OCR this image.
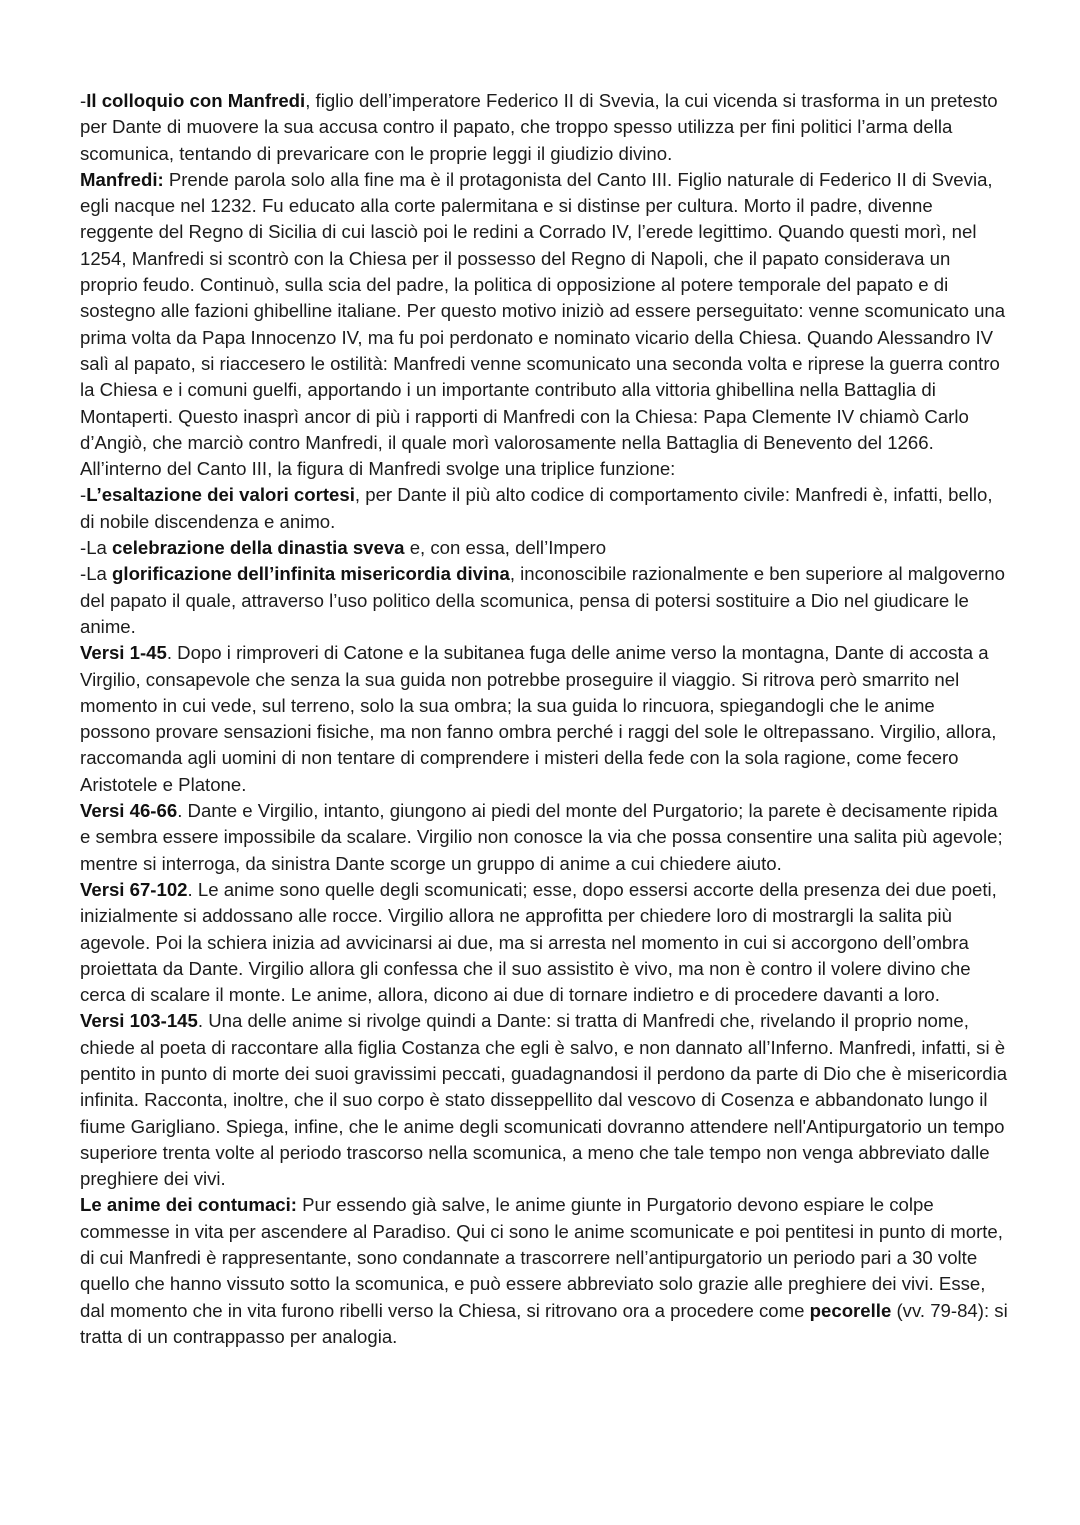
-Il colloquio con Manfredi, figlio dell’imperatore Federico II di Svevia, la cui vicenda si trasforma in un pretesto per Dante di muovere la sua accusa contro il papato, che troppo spesso utilizza per fini politici l’arma della scomunica, tentando di prevaricare con le proprie leggi il giudizio divino.

Manfredi: Prende parola solo alla fine ma è il protagonista del Canto III. Figlio naturale di Federico II di Svevia, egli nacque nel 1232. Fu educato alla corte palermitana e si distinse per cultura. Morto il padre, divenne reggente del Regno di Sicilia di cui lasciò poi le redini a Corrado IV, l’erede legittimo. Quando questi morì, nel 1254, Manfredi si scontrò con la Chiesa per il possesso del Regno di Napoli, che il papato considerava un proprio feudo. Continuò, sulla scia del padre, la politica di opposizione al potere temporale del papato e di sostegno alle fazioni ghibelline italiane. Per questo motivo iniziò ad essere perseguitato: venne scomunicato una prima volta da Papa Innocenzo IV, ma fu poi perdonato e nominato vicario della Chiesa. Quando Alessandro IV salì al papato, si riaccesero le ostilità: Manfredi venne scomunicato una seconda volta e riprese la guerra contro la Chiesa e i comuni guelfi, apportando i un importante contributo alla vittoria ghibellina nella Battaglia di Montaperti. Questo inasprì ancor di più i rapporti di Manfredi con la Chiesa: Papa Clemente IV chiamò Carlo d’Angiò, che marciò contro Manfredi, il quale morì valorosamente nella Battaglia di Benevento del 1266.

All’interno del Canto III, la figura di Manfredi svolge una triplice funzione:

-L’esaltazione dei valori cortesi, per Dante il più alto codice di comportamento civile: Manfredi è, infatti, bello, di nobile discendenza e animo.

-La celebrazione della dinastia sveva e, con essa, dell’Impero

-La glorificazione dell’infinita misericordia divina, inconoscibile razionalmente e ben superiore al malgoverno del papato il quale, attraverso l’uso politico della scomunica, pensa di potersi sostituire a Dio nel giudicare le anime.

Versi 1-45. Dopo i rimproveri di Catone e la subitanea fuga delle anime verso la montagna, Dante di accosta a Virgilio, consapevole che senza la sua guida non potrebbe proseguire il viaggio. Si ritrova però smarrito nel momento in cui vede, sul terreno, solo la sua ombra; la sua guida lo rincuora, spiegandogli che le anime possono provare sensazioni fisiche, ma non fanno ombra perché i raggi del sole le oltrepassano. Virgilio, allora, raccomanda agli uomini di non tentare di comprendere i misteri della fede con la sola ragione, come fecero Aristotele e Platone.

Versi 46-66. Dante e Virgilio, intanto, giungono ai piedi del monte del Purgatorio; la parete è decisamente ripida e sembra essere impossibile da scalare. Virgilio non conosce la via che possa consentire una salita più agevole; mentre si interroga, da sinistra Dante scorge un gruppo di anime a cui chiedere aiuto.

Versi 67-102. Le anime sono quelle degli scomunicati; esse, dopo essersi accorte della presenza dei due poeti, inizialmente si addossano alle rocce. Virgilio allora ne approfitta per chiedere loro di mostrargli la salita più agevole. Poi la schiera inizia ad avvicinarsi ai due, ma si arresta nel momento in cui si accorgono dell’ombra proiettata da Dante. Virgilio allora gli confessa che il suo assistito è vivo, ma non è contro il volere divino che cerca di scalare il monte. Le anime, allora, dicono ai due di tornare indietro e di procedere davanti a loro.

Versi 103-145. Una delle anime si rivolge quindi a Dante: si tratta di Manfredi che, rivelando il proprio nome, chiede al poeta di raccontare alla figlia Costanza che egli è salvo, e non dannato all’Inferno. Manfredi, infatti, si è pentito in punto di morte dei suoi gravissimi peccati, guadagnandosi il perdono da parte di Dio che è misericordia infinita. Racconta, inoltre, che il suo corpo è stato disseppellito dal vescovo di Cosenza e abbandonato lungo il fiume Garigliano. Spiega, infine, che le anime degli scomunicati dovranno attendere nell'Antipurgatorio un tempo superiore trenta volte al periodo trascorso nella scomunica, a meno che tale tempo non venga abbreviato dalle preghiere dei vivi.

Le anime dei contumaci: Pur essendo già salve, le anime giunte in Purgatorio devono espiare le colpe commesse in vita per ascendere al Paradiso. Qui ci sono le anime scomunicate e poi pentitesi in punto di morte, di cui Manfredi è rappresentante, sono condannate a trascorrere nell’antipurgatorio un periodo pari a 30 volte quello che hanno vissuto sotto la scomunica, e può essere abbreviato solo grazie alle preghiere dei vivi. Esse, dal momento che in vita furono ribelli verso la Chiesa, si ritrovano ora a procedere come pecorelle (vv. 79-84): si tratta di un contrappasso per analogia.
